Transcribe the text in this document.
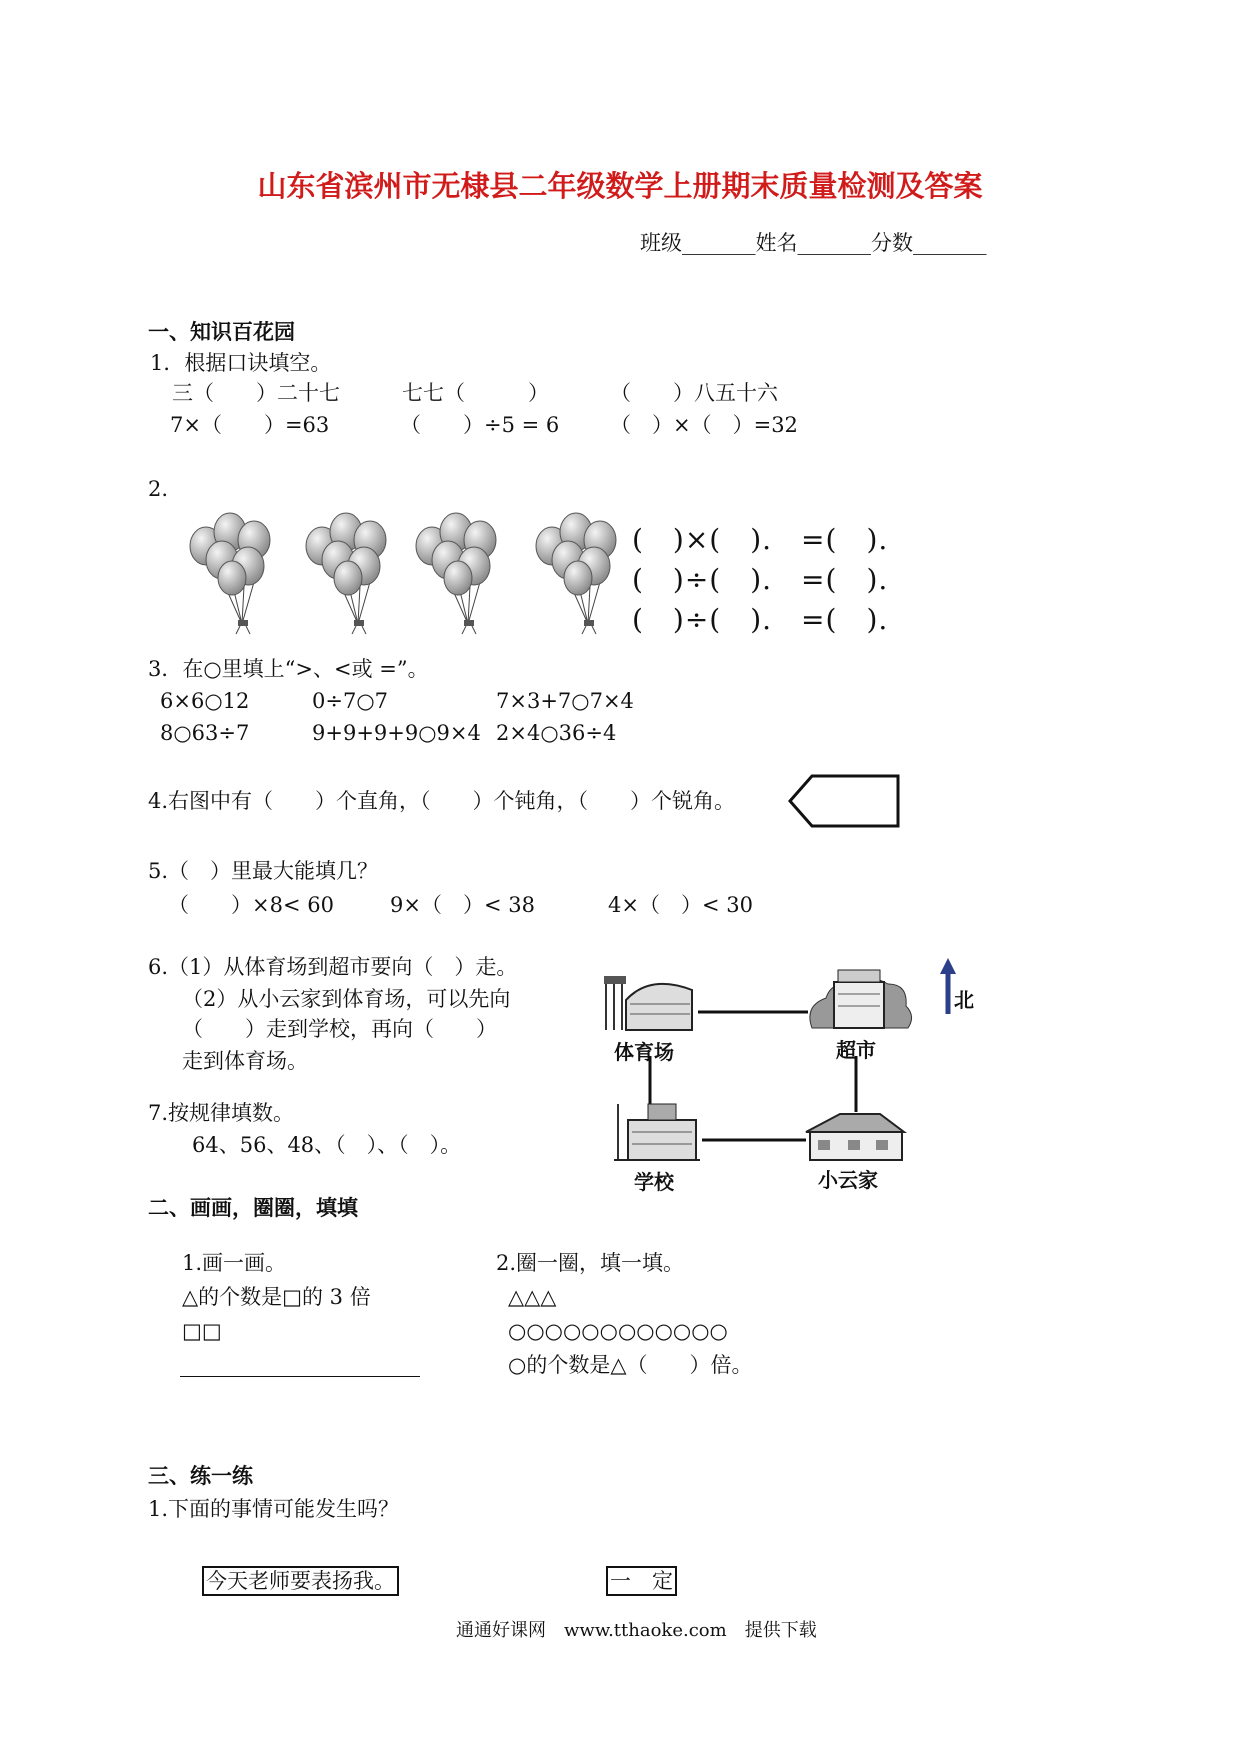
山东省滨州市无棣县二年级数学上册期末质量检测及答案
班级_______姓名_______分数_______
一、知识百花园
1．根据口诀填空。
三（　　）二十七	七七（　　　）	（　　）八五十六
7×（　　）=63	（　　）÷5 = 6 （　）×（　）=32
2.
(　)×(　).　=(　).
(　)÷(　).　=(　).
(　)÷(　).　=(　).
3．在○里填上“>、<或 =”。
6×6○12	0÷7○7	7×3+7○7×4
8○63÷7	9+9+9+9○9×4 2×4○36÷4
4.右图中有（　　）个直角，（　　）个钝角，（　　）个锐角。
5.（　）里最大能填几？
（　　）×8< 60	9×（　）< 38	4×（　）< 30
6.（1）从体育场到超市要向（　）走。
（2）从小云家到体育场，可以先向
（　　）走到学校，再向（　　）
走到体育场。	体育场	超市
学校	小云家
北
7.按规律填数。
64、56、48、（　）、（　）。
二、画画，圈圈，填填
1.画一画。
△的个数是□的 3 倍
□□
2.圈一圈，填一填。
△△△
○○○○○○○○○○○○
○的个数是△（　　）倍。
三、练一练
1.下面的事情可能发生吗？
今天老师要表扬我。	一　定
通通好课网　www.tthaoke.com　提供下载
